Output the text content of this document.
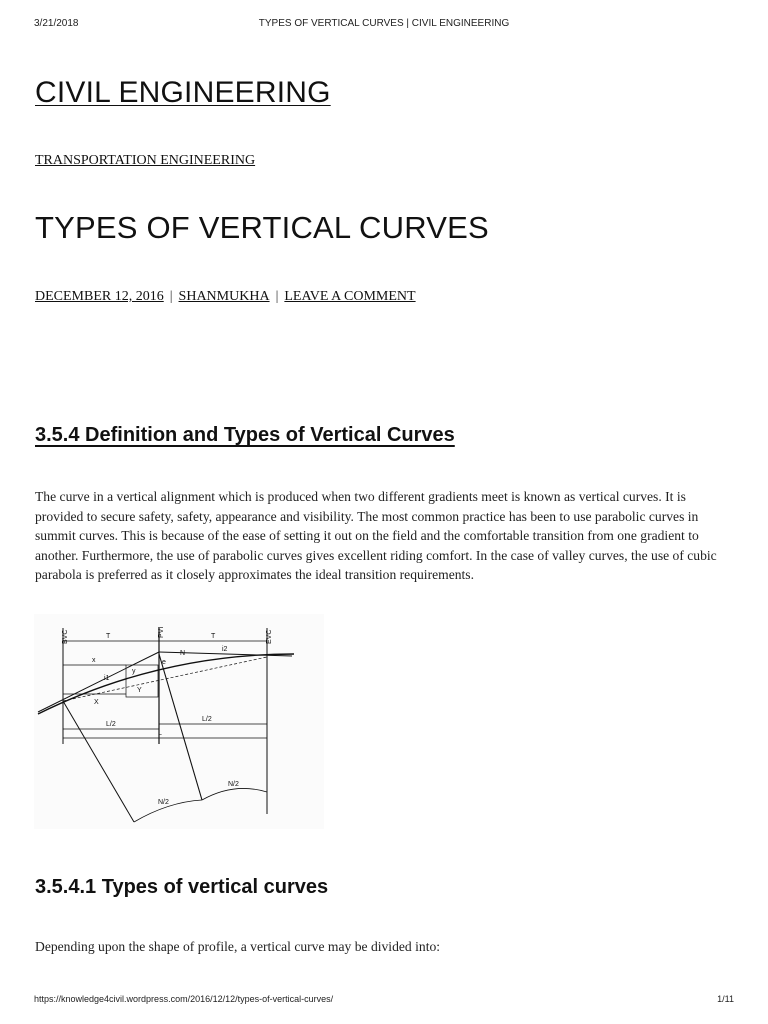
3/21/2018	TYPES OF VERTICAL CURVES | CIVIL ENGINEERING
CIVIL ENGINEERING
TRANSPORTATION ENGINEERING
TYPES OF VERTICAL CURVES
DECEMBER 12, 2016 | SHANMUKHA | LEAVE A COMMENT
3.5.4 Definition and Types of Vertical Curves

The curve in a vertical alignment which is produced when two different gradients meet is known as vertical curves. It is provided to secure safety, safety, appearance and visibility. The most common practice has been to use parabolic curves in summit curves. This is because of the ease of setting it out on the field and the comfortable transition from one gradient to another. Furthermore, the use of parabolic curves gives excellent riding comfort. In the case of valley curves, the use of cubic parabola is preferred as it closely approximates the ideal transition requirements.

BVC	PVI	EVC
T	T
x
X
y
Y
e
N
i1
i2
L/2
L/2
L
N/2
N/2
3.5.4.1 Types of vertical curves

Depending upon the shape of profile, a vertical curve may be divided into:

https://knowledge4civil.wordpress.com/2016/12/12/types-of-vertical-curves/	1/11
